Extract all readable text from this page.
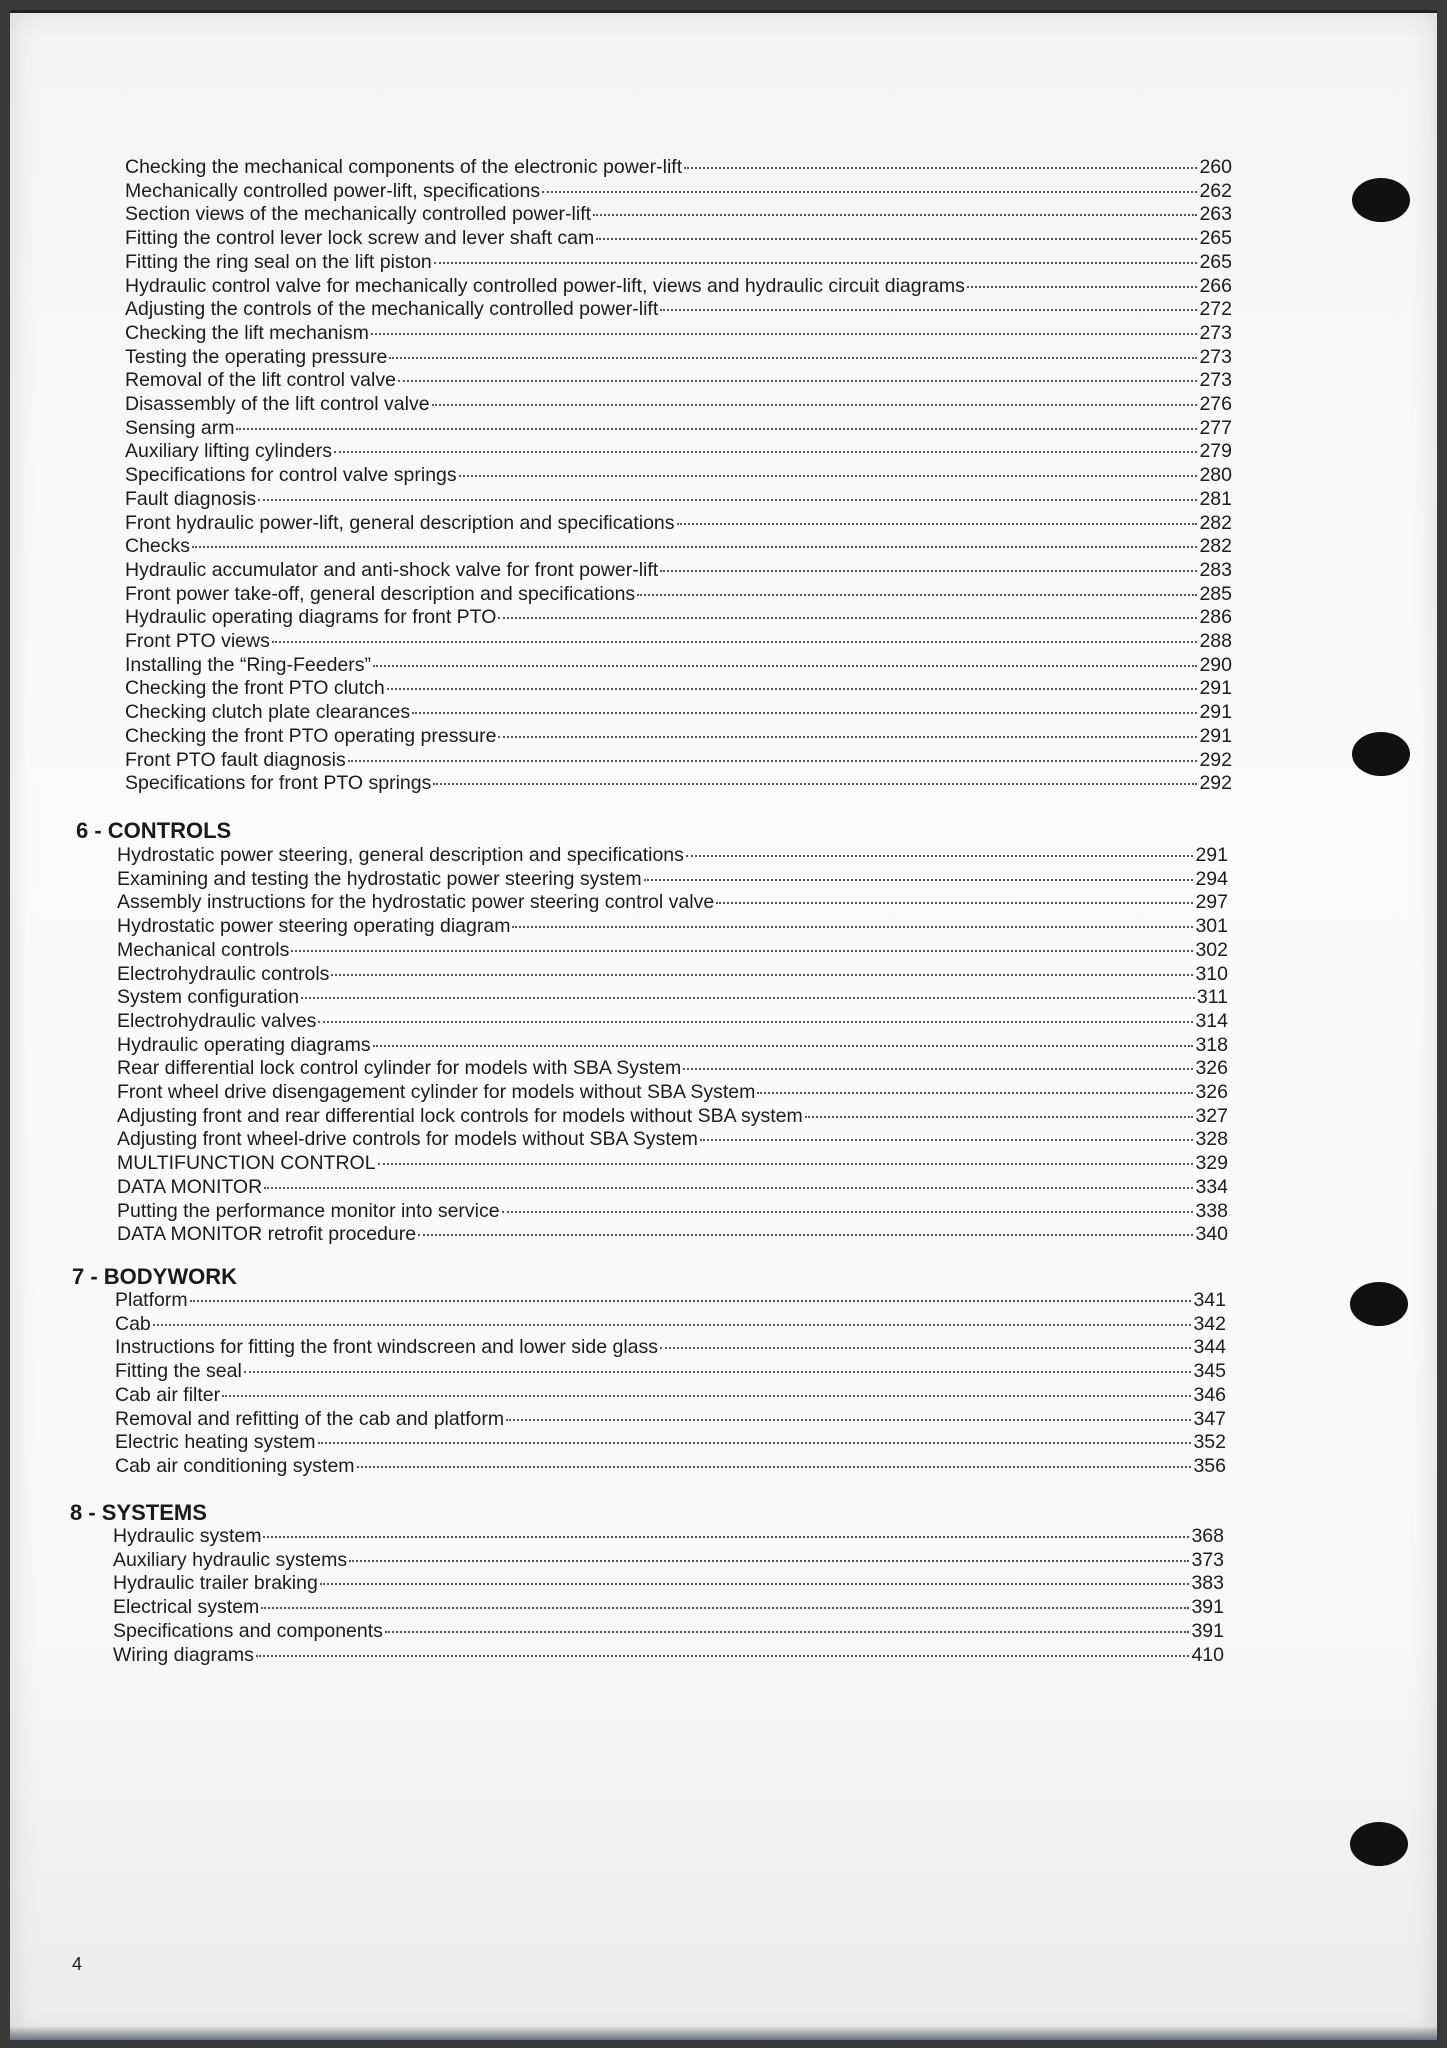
Checking the mechanical components of the electronic power-lift	260
Mechanically controlled power-lift, specifications	262
Section views of the mechanically controlled power-lift	263
Fitting the control lever lock screw and lever shaft cam	265
Fitting the ring seal on the lift piston	265
Hydraulic control valve for mechanically controlled power-lift, views and hydraulic circuit diagrams	266
Adjusting the controls of the mechanically controlled power-lift	272
Checking the lift mechanism	273
Testing the operating pressure	273
Removal of the lift control valve	273
Disassembly of the lift control valve	276
Sensing arm	277
Auxiliary lifting cylinders	279
Specifications for control valve springs	280
Fault diagnosis	281
Front hydraulic power-lift, general description and specifications	282
Checks	282
Hydraulic accumulator and anti-shock valve for front power-lift	283
Front power take-off, general description and specifications	285
Hydraulic operating diagrams for front PTO	286
Front PTO views	288
Installing the “Ring-Feeders”	290
Checking the front PTO clutch	291
Checking clutch plate clearances	291
Checking the front PTO operating pressure	291
Front PTO fault diagnosis	292
Specifications for front PTO springs	292
6 - CONTROLS
Hydrostatic power steering, general description and specifications	291
Examining and testing the hydrostatic power steering system	294
Assembly instructions for the hydrostatic power steering control valve	297
Hydrostatic power steering operating diagram	301
Mechanical controls	302
Electrohydraulic controls	310
System configuration	311
Electrohydraulic valves	314
Hydraulic operating diagrams	318
Rear differential lock control cylinder for models with SBA System	326
Front wheel drive disengagement cylinder for models without SBA System	326
Adjusting front and rear differential lock controls for models without SBA system	327
Adjusting front wheel-drive controls for models without SBA System	328
MULTIFUNCTION CONTROL	329
DATA MONITOR	334
Putting the performance monitor into service	338
DATA MONITOR retrofit procedure	340
7 - BODYWORK
Platform	341
Cab	342
Instructions for fitting the front windscreen and lower side glass	344
Fitting the seal	345
Cab air filter	346
Removal and refitting of the cab and platform	347
Electric heating system	352
Cab air conditioning system	356
8 - SYSTEMS
Hydraulic system	368
Auxiliary hydraulic systems	373
Hydraulic trailer braking	383
Electrical system	391
Specifications and components	391
Wiring diagrams	410
4
